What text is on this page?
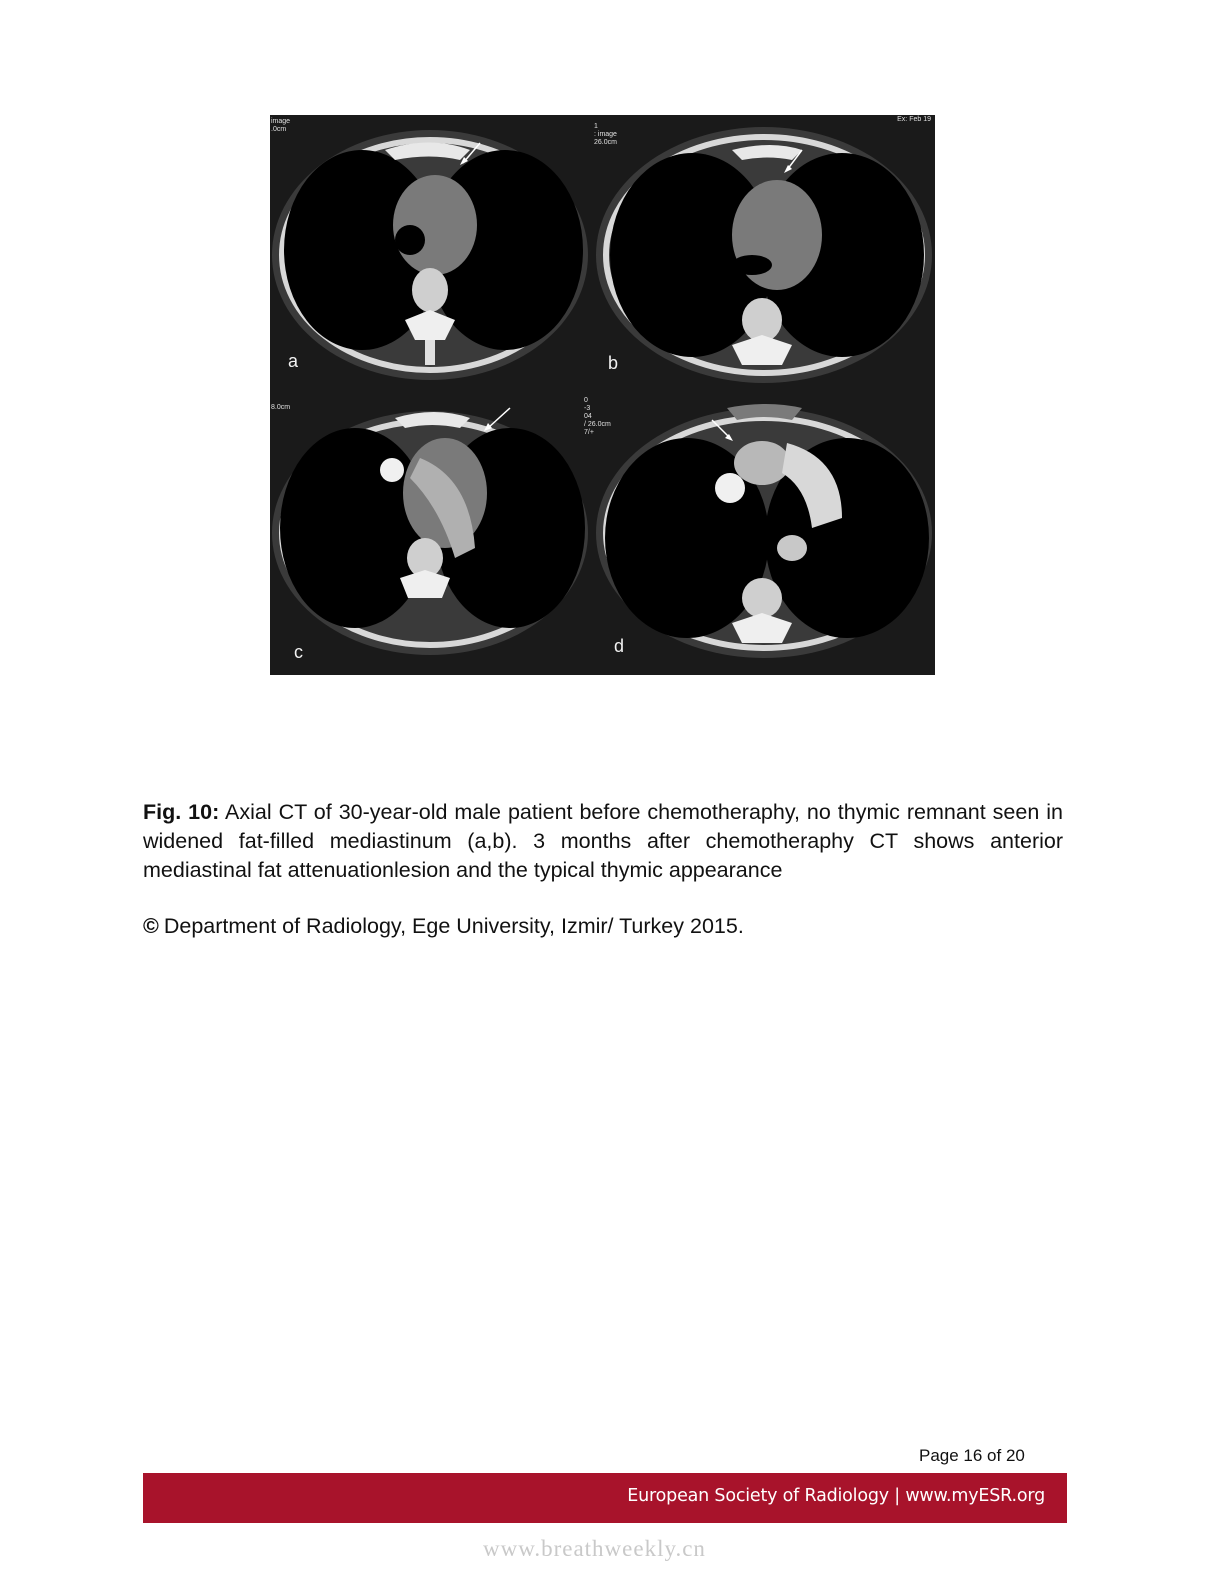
image
.0cm
a
1
: image
26.0cm
Ex: Feb 19
b
8.0cm
c
0
-3
04
/ 26.0cm
7/+
d
Fig. 10: Axial CT of 30-year-old male patient before chemotheraphy, no thymic remnant seen in widened fat-filled mediastinum (a,b). 3 months after chemotheraphy CT shows anterior mediastinal fat attenuationlesion and the typical thymic appearance
© Department of Radiology, Ege University, Izmir/ Turkey 2015.
Page 16 of 20
European Society of Radiology | www.myESR.org
www.breathweekly.cn
